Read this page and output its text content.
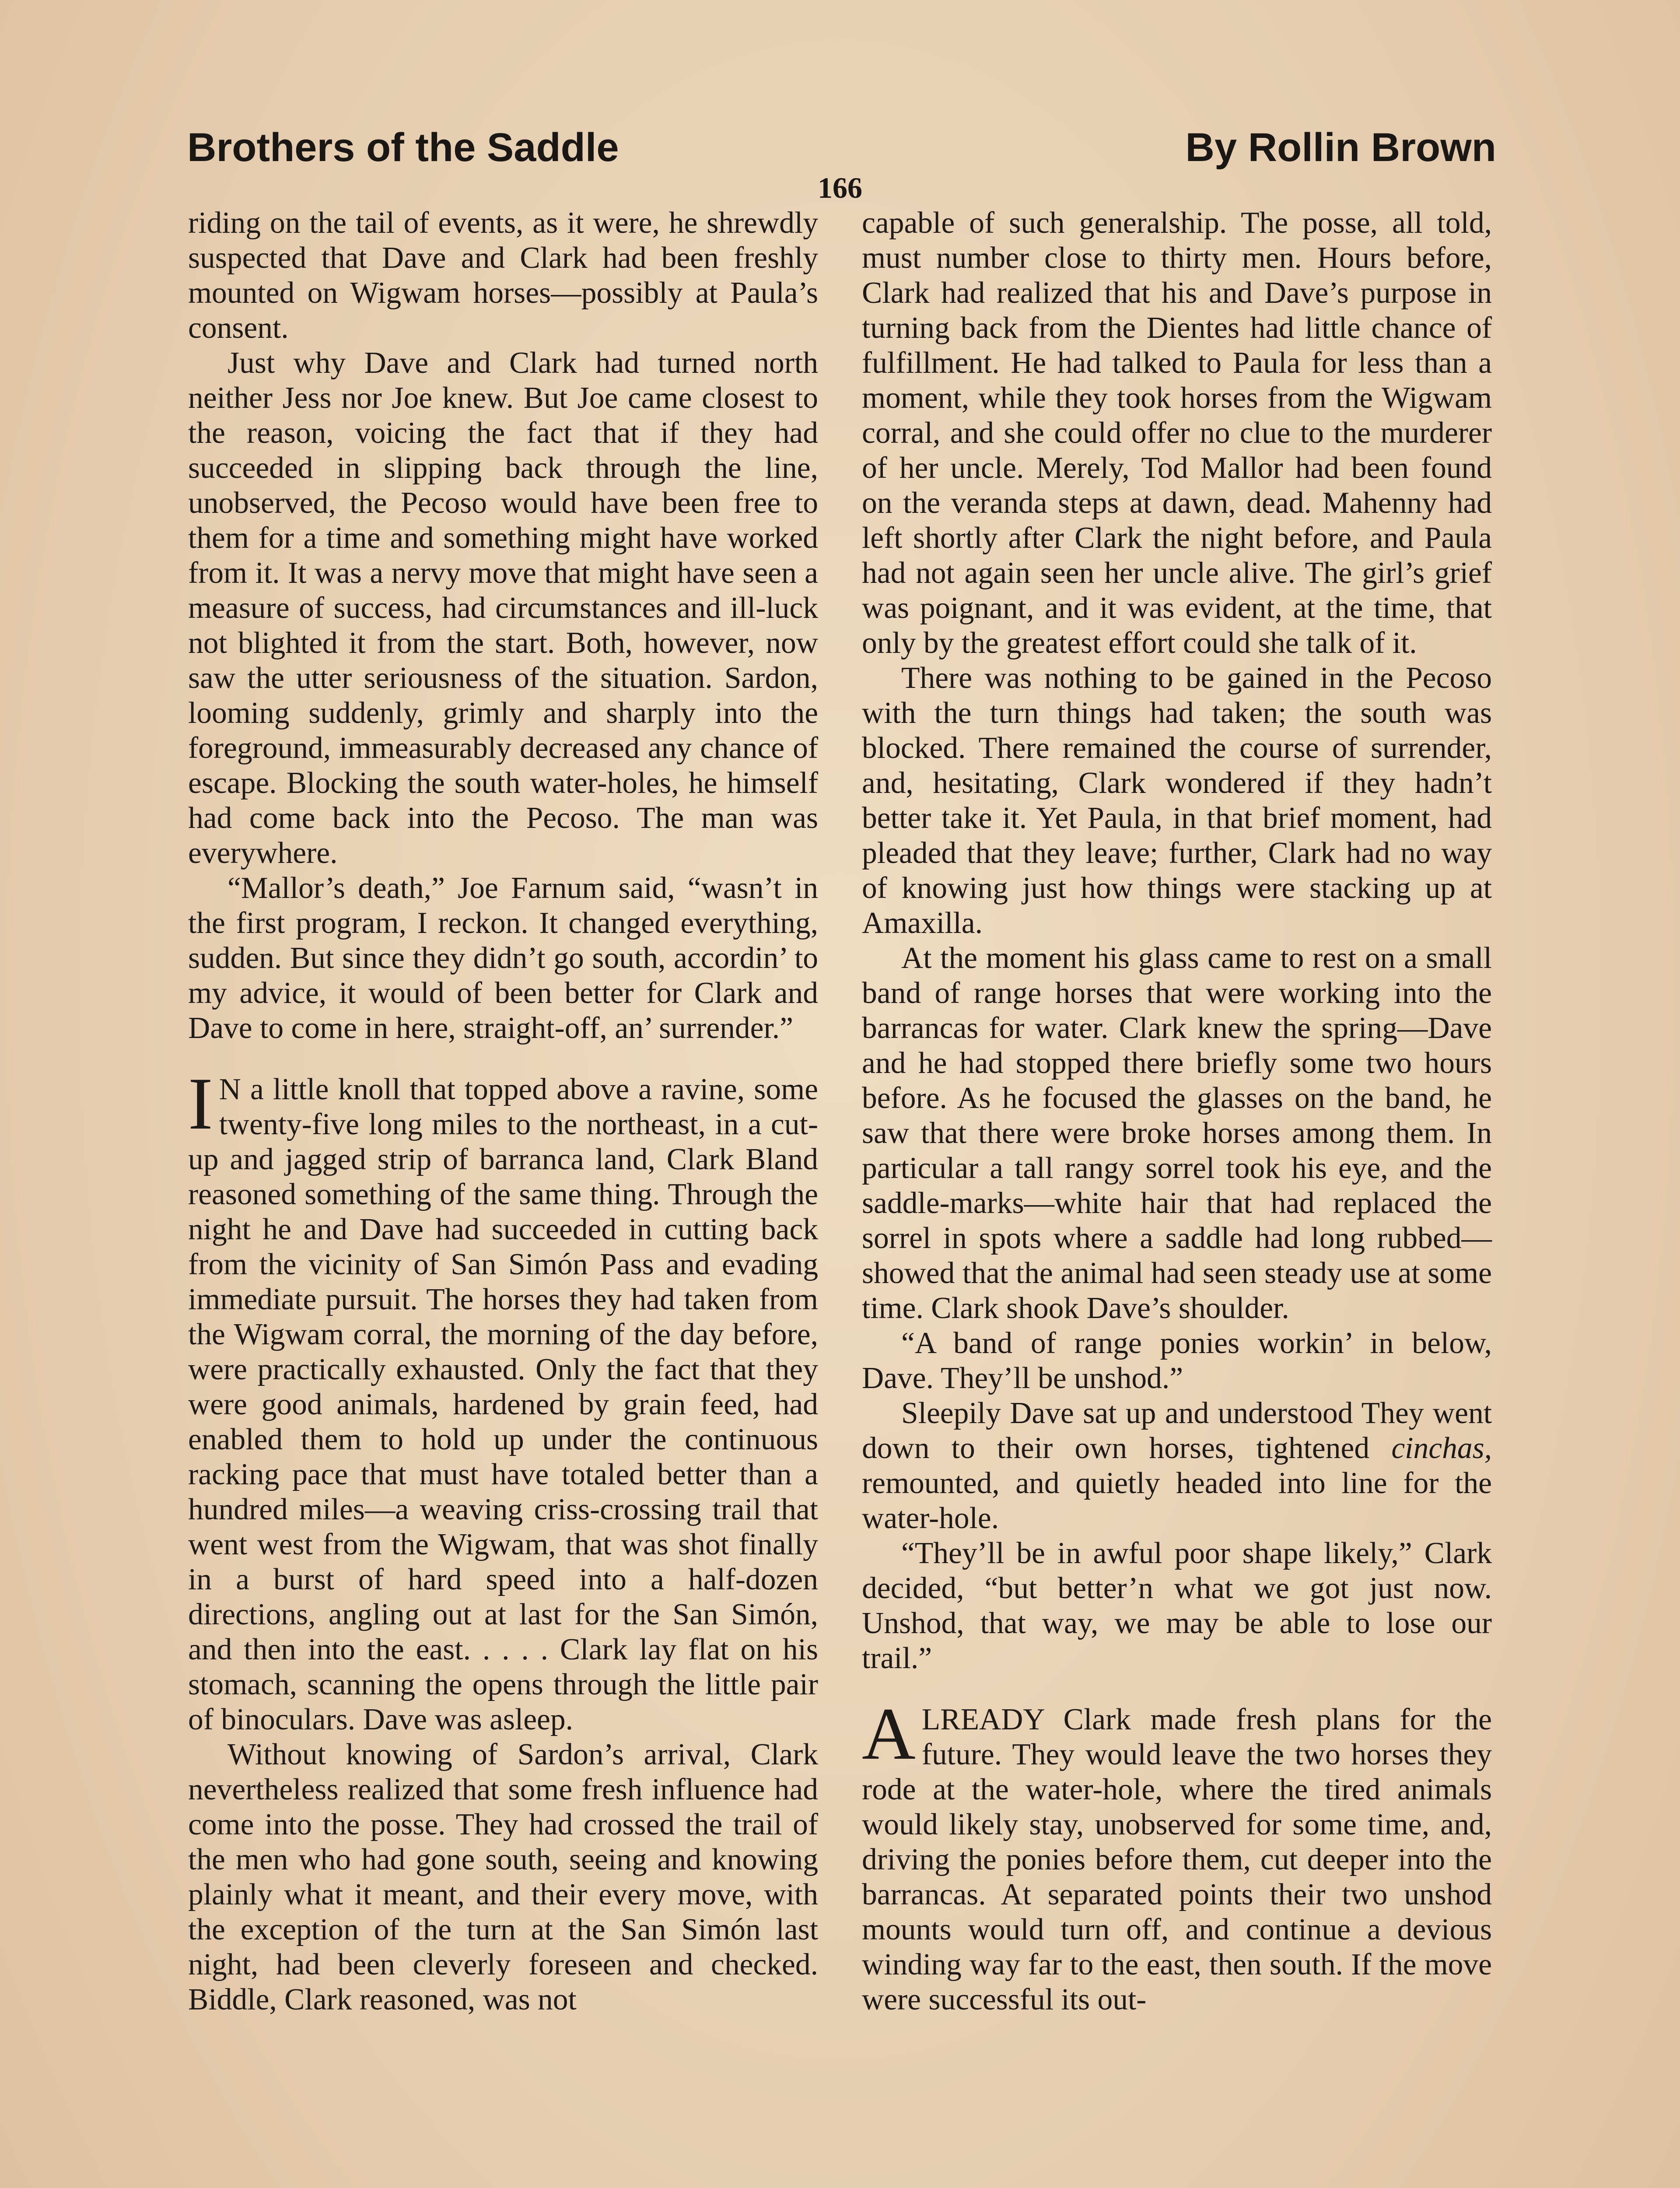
Brothers of the Saddle	By Rollin Brown
166

riding on the tail of events, as it were, he shrewdly suspected that Dave and Clark had been freshly mounted on Wigwam horses—possibly at Paula’s consent.

Just why Dave and Clark had turned north neither Jess nor Joe knew. But Joe came closest to the reason, voicing the fact that if they had succeeded in slipping back through the line, unobserved, the Pecoso would have been free to them for a time and something might have worked from it. It was a nervy move that might have seen a measure of success, had circumstances and ill-luck not blighted it from the start. Both, however, now saw the utter seriousness of the situation. Sardon, looming suddenly, grimly and sharply into the foreground, immeasurably decreased any chance of escape. Blocking the south water-holes, he himself had come back into the Pecoso. The man was everywhere.

“Mallor’s death,” Joe Farnum said, “wasn’t in the first program, I reckon. It changed everything, sudden. But since they didn’t go south, accordin’ to my advice, it would of been better for Clark and Dave to come in here, straight-off, an’ surrender.”

I N a little knoll that topped above a ravine, some twenty-five long miles to the northeast, in a cut-up and jagged strip of barranca land, Clark Bland reasoned something of the same thing. Through the night he and Dave had succeeded in cutting back from the vicinity of San Simón Pass and evading immediate pursuit. The horses they had taken from the Wigwam corral, the morning of the day before, were practically exhausted. Only the fact that they were good animals, hardened by grain feed, had enabled them to hold up under the continuous racking pace that must have totaled better than a hundred miles—a weaving criss-crossing trail that went west from the Wigwam, that was shot finally in a burst of hard speed into a half-dozen directions, angling out at last for the San Simón, and then into the east. . . . . Clark lay flat on his stomach, scanning the opens through the little pair of binoculars. Dave was asleep.

Without knowing of Sardon’s arrival, Clark nevertheless realized that some fresh influence had come into the posse. They had crossed the trail of the men who had gone south, seeing and knowing plainly what it meant, and their every move, with the exception of the turn at the San Simón last night, had been cleverly foreseen and checked. Biddle, Clark reasoned, was not

capable of such generalship. The posse, all told, must number close to thirty men. Hours before, Clark had realized that his and Dave’s purpose in turning back from the Dientes had little chance of fulfillment. He had talked to Paula for less than a moment, while they took horses from the Wigwam corral, and she could offer no clue to the murderer of her uncle. Merely, Tod Mallor had been found on the veranda steps at dawn, dead. Mahenny had left shortly after Clark the night before, and Paula had not again seen her uncle alive. The girl’s grief was poignant, and it was evident, at the time, that only by the greatest effort could she talk of it.

There was nothing to be gained in the Pecoso with the turn things had taken; the south was blocked. There remained the course of surrender, and, hesitating, Clark wondered if they hadn’t better take it. Yet Paula, in that brief moment, had pleaded that they leave; further, Clark had no way of knowing just how things were stacking up at Amaxilla.

At the moment his glass came to rest on a small band of range horses that were working into the barrancas for water. Clark knew the spring—Dave and he had stopped there briefly some two hours before. As he focused the glasses on the band, he saw that there were broke horses among them. In particular a tall rangy sorrel took his eye, and the saddle-marks—white hair that had replaced the sorrel in spots where a saddle had long rubbed—showed that the animal had seen steady use at some time. Clark shook Dave’s shoulder.

“A band of range ponies workin’ in below, Dave. They’ll be unshod.”

Sleepily Dave sat up and understood They went down to their own horses, tightened cinchas, remounted, and quietly headed into line for the water-hole.

“They’ll be in awful poor shape likely,” Clark decided, “but better’n what we got just now. Unshod, that way, we may be able to lose our trail.”

ALREADY Clark made fresh plans for the future. They would leave the two horses they rode at the water-hole, where the tired animals would likely stay, unobserved for some time, and, driving the ponies before them, cut deeper into the barrancas. At separated points their two unshod mounts would turn off, and continue a devious winding way far to the east, then south. If the move were successful its out-
